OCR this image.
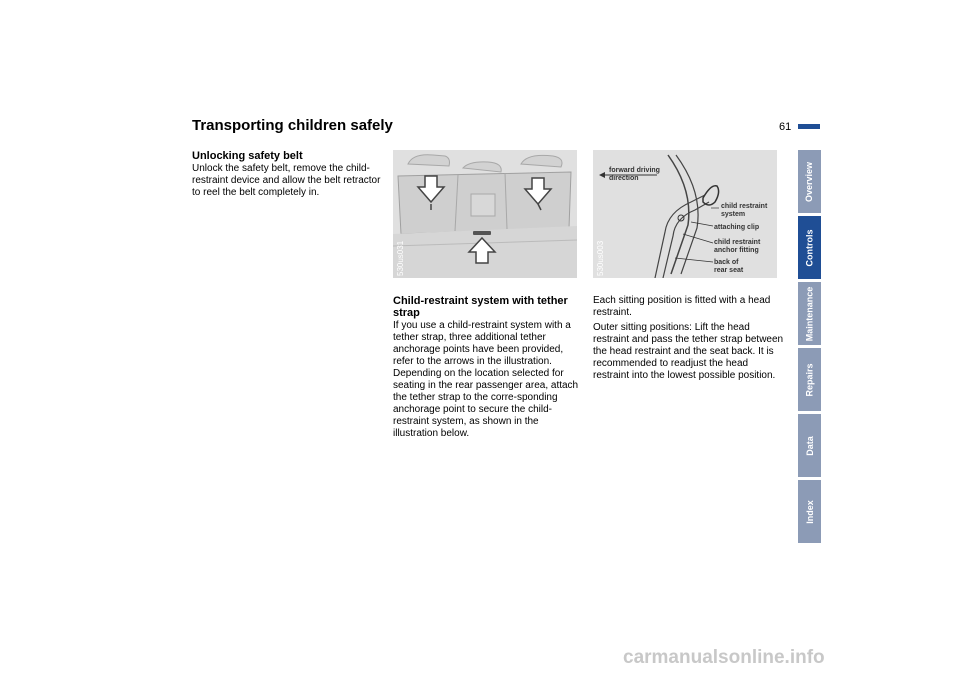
Transporting children safely	61
Overview
Controls
Maintenance
Repairs
Data
Index
Unlocking safety belt

Unlock the safety belt, remove the child-restraint device and allow the belt retractor to reel the belt completely in.

530us031
forward driving direction
child restraint system
attaching clip
child restraint anchor fitting
back of rear seat
530us003
Child-restraint system with tether strap

If you use a child-restraint system with a tether strap, three additional tether anchorage points have been provided, refer to the arrows in the illustration. Depending on the location selected for seating in the rear passenger area, attach the tether strap to the corre-sponding anchorage point to secure the child-restraint system, as shown in the illustration below.

Each sitting position is fitted with a head restraint.

Outer sitting positions: Lift the head restraint and pass the tether strap between the head restraint and the seat back. It is recommended to readjust the head restraint into the lowest possible position.

carmanualsonline.info
